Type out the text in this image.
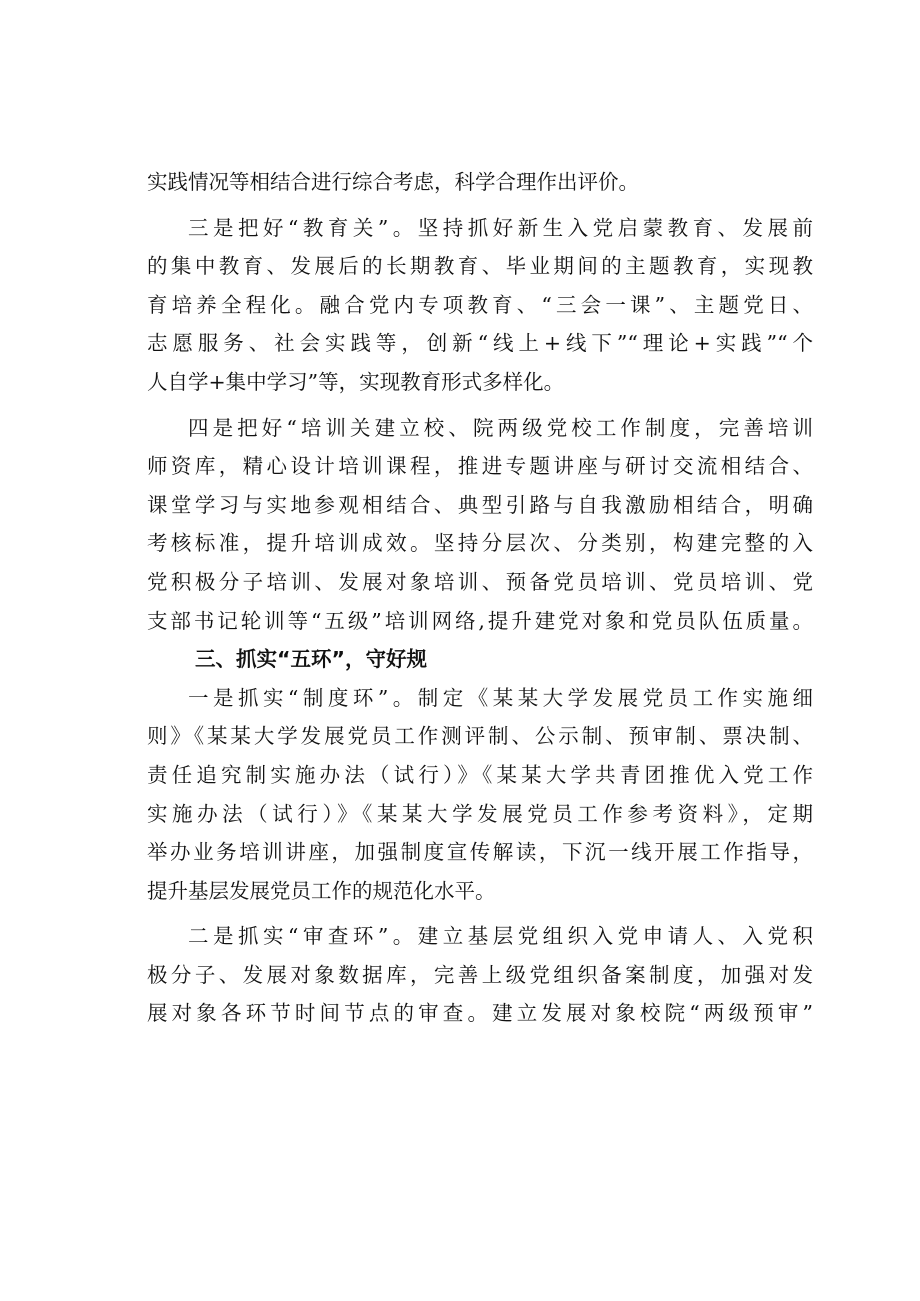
实践情况等相结合进行综合考虑，科学合理作出评价。
三是把好“教育关”。坚持抓好新生入党启蒙教育、发展前
的集中教育、发展后的长期教育、毕业期间的主题教育，实现教
育培养全程化。融合党内专项教育、“三会一课”、主题党日、
志愿服务、社会实践等，创新“线上+线下”“理论+实践”“个
人自学+集中学习”等，实现教育形式多样化。
四是把好“培训关建立校、院两级党校工作制度，完善培训
师资库，精心设计培训课程，推进专题讲座与研讨交流相结合、
课堂学习与实地参观相结合、典型引路与自我激励相结合，明确
考核标准，提升培训成效。坚持分层次、分类别，构建完整的入
党积极分子培训、发展对象培训、预备党员培训、党员培训、党
支部书记轮训等“五级”培训网络,提升建党对象和党员队伍质量。
三、抓实“五环”，守好规
一是抓实“制度环”。制定《某某大学发展党员工作实施细
则》《某某大学发展党员工作测评制、公示制、预审制、票决制、
责任追究制实施办法（试行）》《某某大学共青团推优入党工作
实施办法（试行）》《某某大学发展党员工作参考资料》，定期
举办业务培训讲座，加强制度宣传解读，下沉一线开展工作指导，
提升基层发展党员工作的规范化水平。
二是抓实“审查环”。建立基层党组织入党申请人、入党积
极分子、发展对象数据库，完善上级党组织备案制度，加强对发
展对象各环节时间节点的审查。建立发展对象校院“两级预审”
